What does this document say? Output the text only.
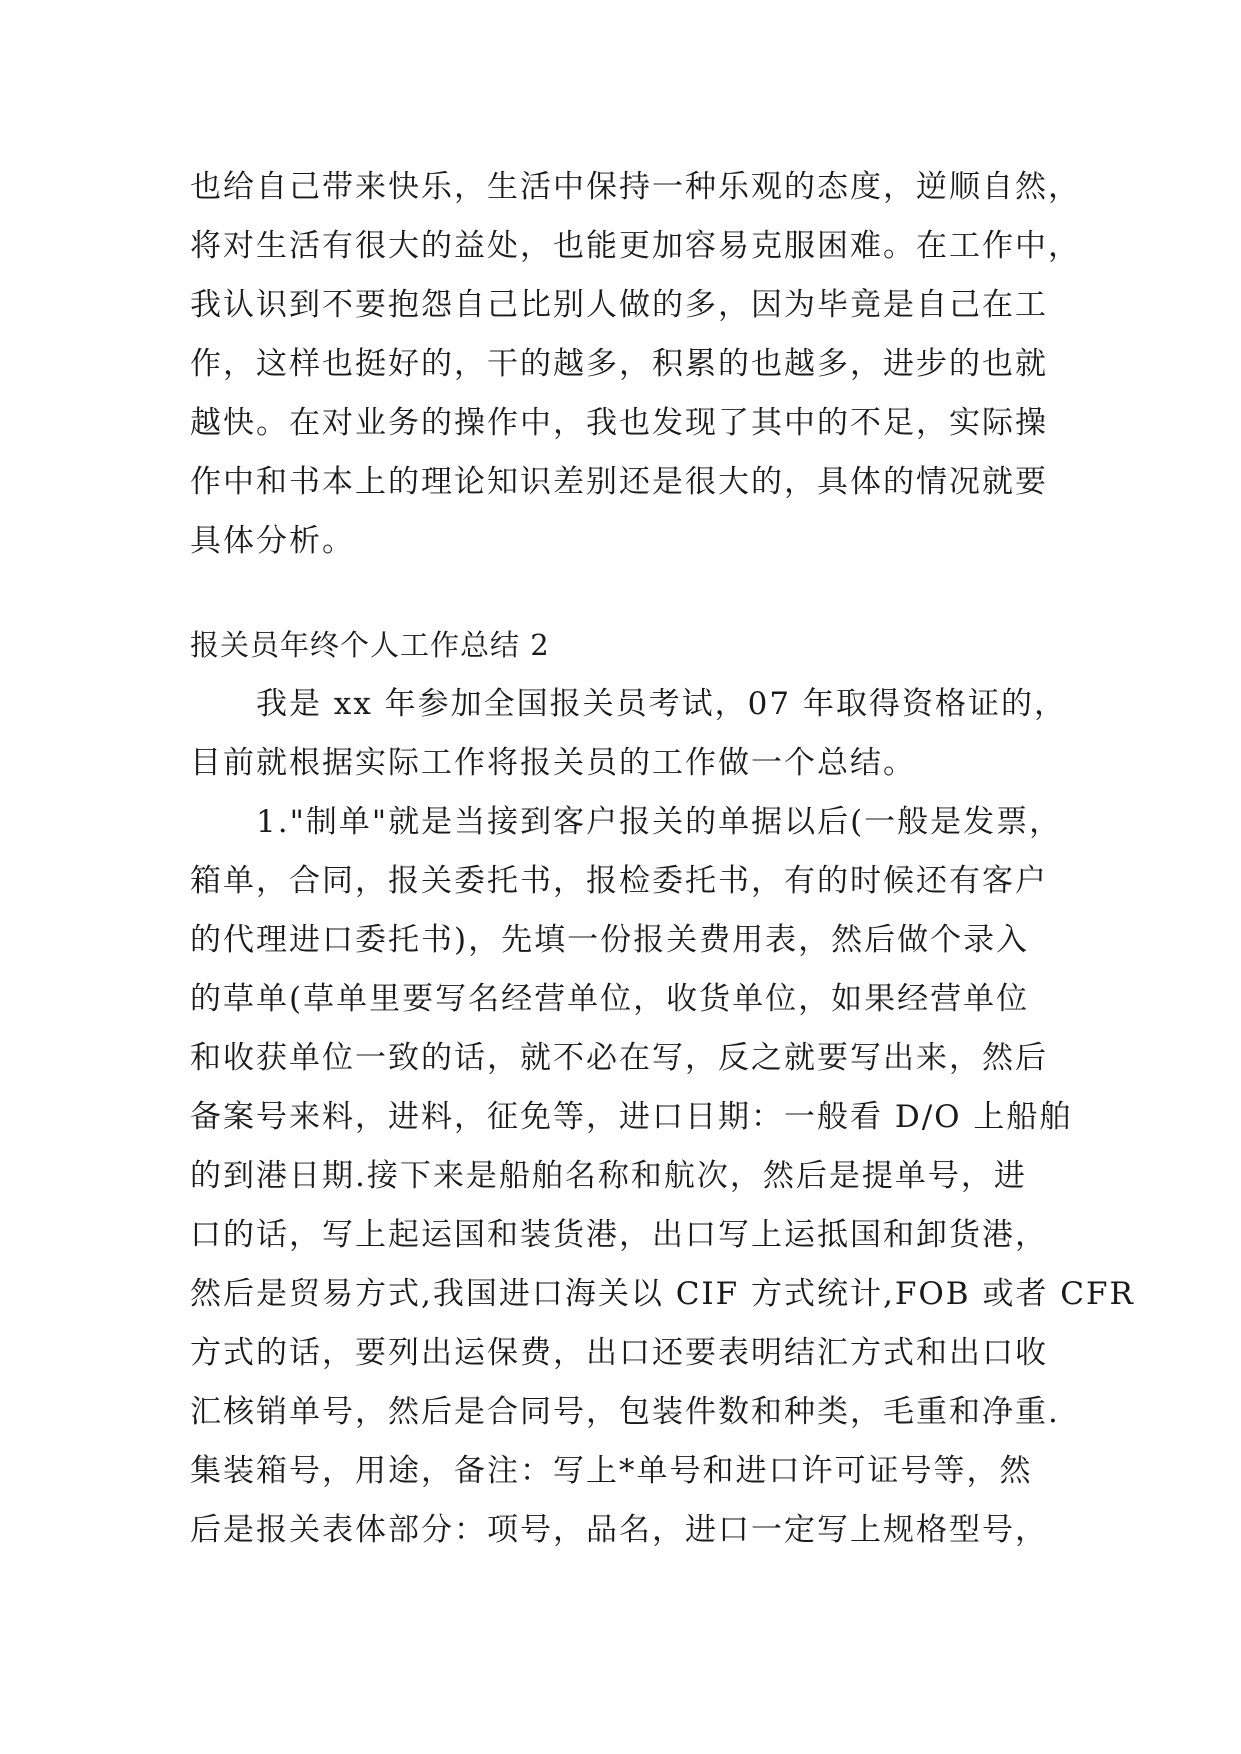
也给自己带来快乐，生活中保持一种乐观的态度，逆顺自然，
将对生活有很大的益处，也能更加容易克服困难。在工作中，
我认识到不要抱怨自己比别人做的多，因为毕竟是自己在工
作，这样也挺好的，干的越多，积累的也越多，进步的也就
越快。在对业务的操作中，我也发现了其中的不足，实际操
作中和书本上的理论知识差别还是很大的，具体的情况就要
具体分析。
报关员年终个人工作总结 2
我是 xx 年参加全国报关员考试，07 年取得资格证的，
目前就根据实际工作将报关员的工作做一个总结。
1."制单"就是当接到客户报关的单据以后(一般是发票，
箱单，合同，报关委托书，报检委托书，有的时候还有客户
的代理进口委托书)，先填一份报关费用表，然后做个录入
的草单(草单里要写名经营单位，收货单位，如果经营单位
和收获单位一致的话，就不必在写，反之就要写出来，然后
备案号来料，进料，征免等，进口日期：一般看 D/O 上船舶
的到港日期.接下来是船舶名称和航次，然后是提单号，进
口的话，写上起运国和装货港，出口写上运抵国和卸货港，
然后是贸易方式,我国进口海关以 CIF 方式统计,FOB 或者 CFR
方式的话，要列出运保费，出口还要表明结汇方式和出口收
汇核销单号，然后是合同号，包装件数和种类，毛重和净重.
集装箱号，用途，备注：写上*单号和进口许可证号等，然
后是报关表体部分：项号，品名，进口一定写上规格型号，
